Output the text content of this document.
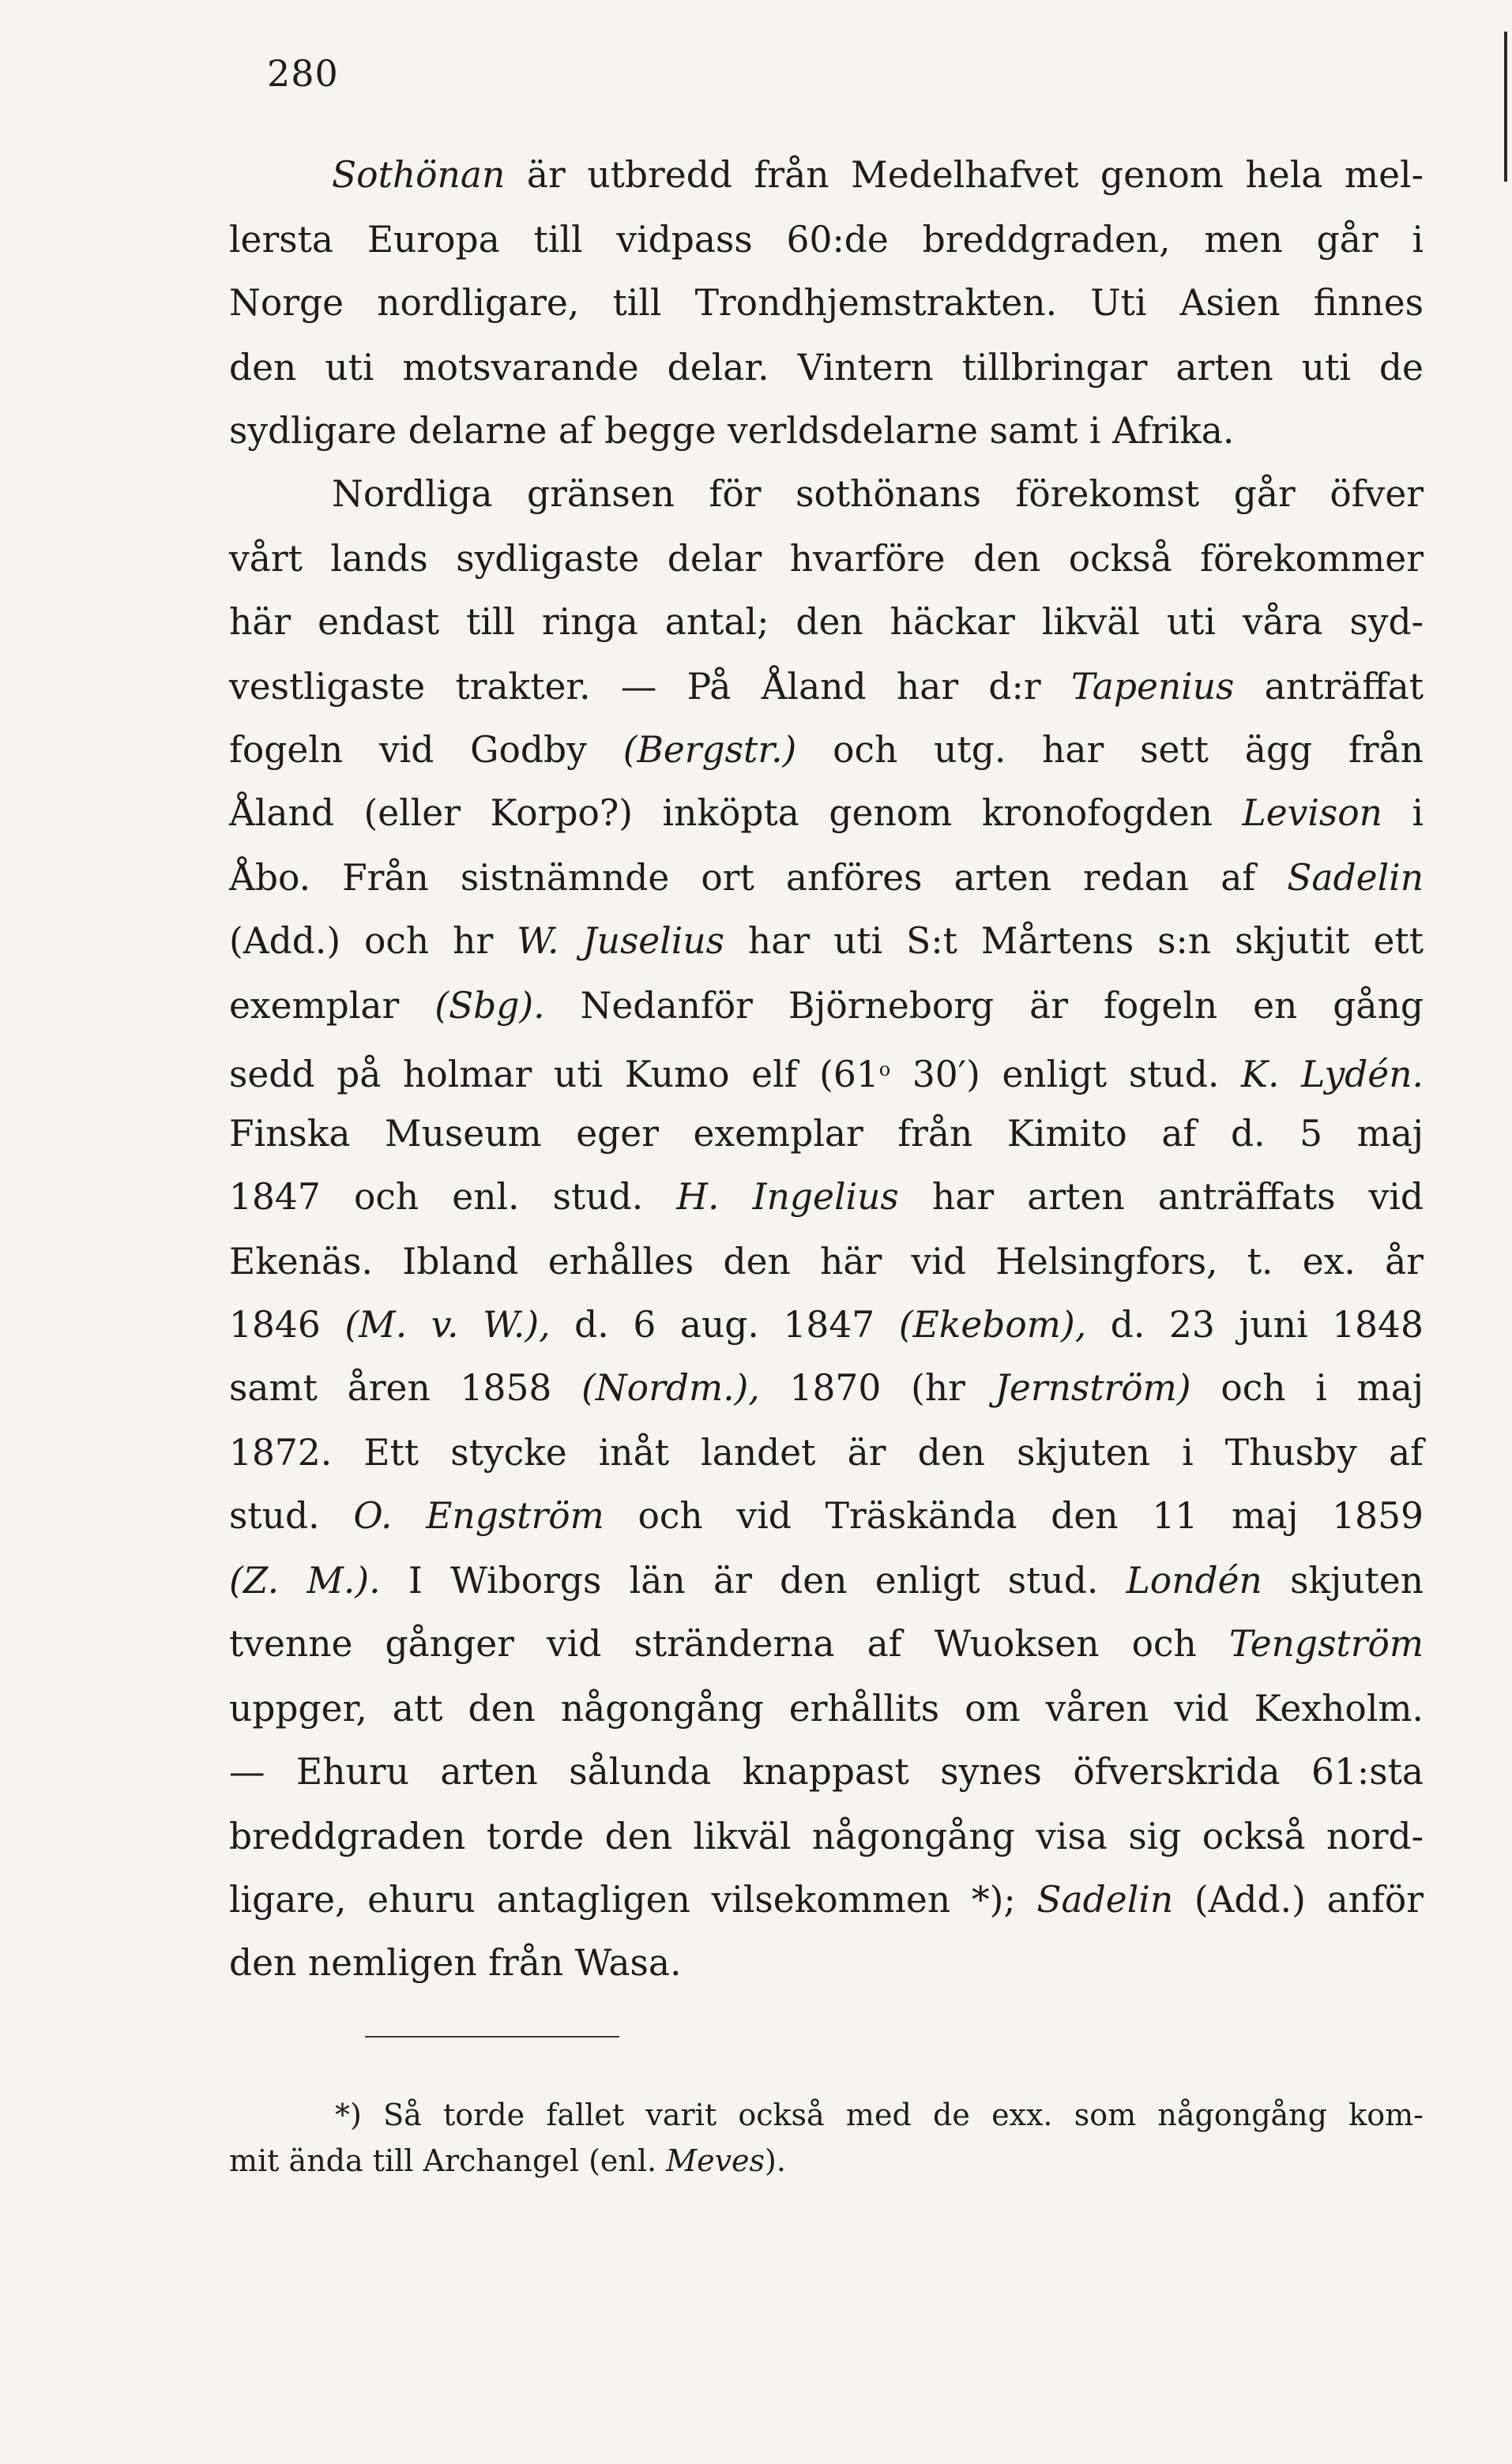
280
Sothönan är utbredd från Medelhafvet genom hela mel-
lersta Europa till vidpass 60:de breddgraden, men går i
Norge nordligare, till Trondhjemstrakten. Uti Asien finnes
den uti motsvarande delar. Vintern tillbringar arten uti de
sydligare delarne af begge verldsdelarne samt i Afrika.
Nordliga gränsen för sothönans förekomst går öfver
vårt lands sydligaste delar hvarföre den också förekommer
här endast till ringa antal; den häckar likväl uti våra syd-
vestligaste trakter. — På Åland har d:r Tapenius anträffat
fogeln vid Godby (Bergstr.) och utg. har sett ägg från
Åland (eller Korpo?) inköpta genom kronofogden Levison i
Åbo. Från sistnämnde ort anföres arten redan af Sadelin
(Add.) och hr W. Juselius har uti S:t Mårtens s:n skjutit ett
exemplar (Sbg). Nedanför Björneborg är fogeln en gång
sedd på holmar uti Kumo elf (61$^o$ 30′) enligt stud. K. Lydén.
Finska Museum eger exemplar från Kimito af d. 5 maj
1847 och enl. stud. H. Ingelius har arten anträffats vid
Ekenäs. Ibland erhålles den här vid Helsingfors, t. ex. år
1846 (M. v. W.), d. 6 aug. 1847 (Ekebom), d. 23 juni 1848
samt åren 1858 (Nordm.), 1870 (hr Jernström) och i maj
1872. Ett stycke inåt landet är den skjuten i Thusby af
stud. O. Engström och vid Träskända den 11 maj 1859
(Z. M.). I Wiborgs län är den enligt stud. Londén skjuten
tvenne gånger vid stränderna af Wuoksen och Tengström
uppger, att den någongång erhållits om våren vid Kexholm.
— Ehuru arten sålunda knappast synes öfverskrida 61:sta
breddgraden torde den likväl någongång visa sig också nord-
ligare, ehuru antagligen vilsekommen *); Sadelin (Add.) anför
den nemligen från Wasa.
*) Så torde fallet varit också med de exx. som någongång kom-
mit ända till Archangel (enl. Meves).
